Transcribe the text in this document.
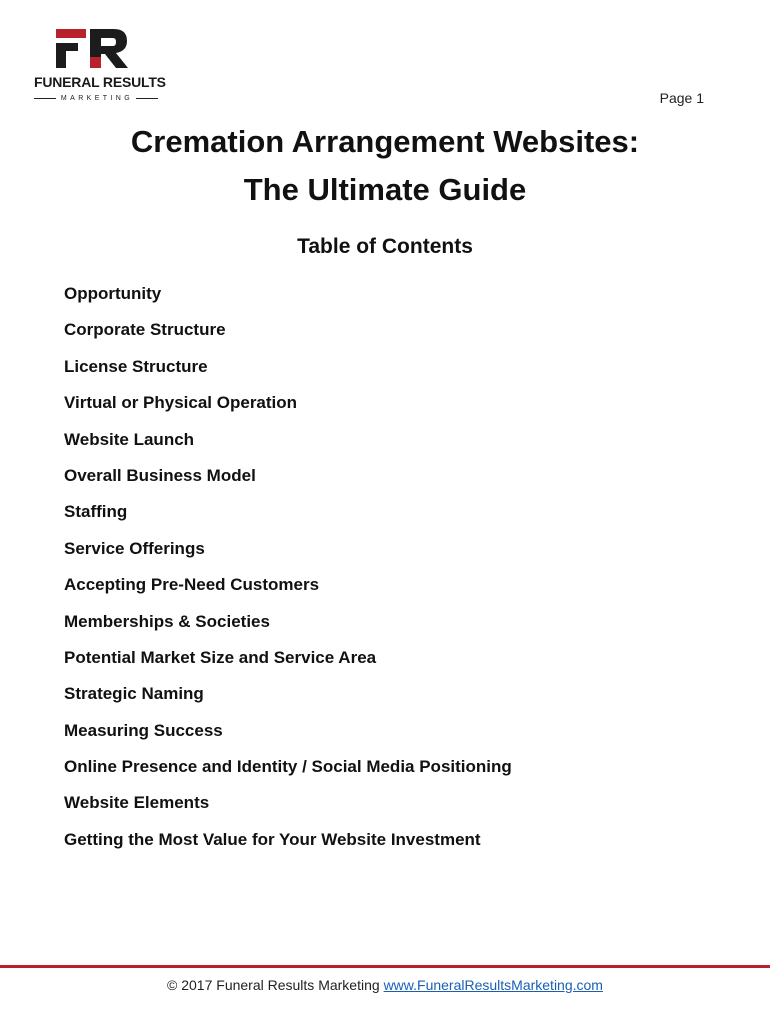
FUNERAL RESULTS
MARKETING	Page 1
Cremation Arrangement Websites:
The Ultimate Guide
Table of Contents
Opportunity
Corporate Structure
License Structure
Virtual or Physical Operation
Website Launch
Overall Business Model
Staffing
Service Offerings
Accepting Pre-Need Customers
Memberships & Societies
Potential Market Size and Service Area
Strategic Naming
Measuring Success
Online Presence and Identity / Social Media Positioning
Website Elements
Getting the Most Value for Your Website Investment
© 2017 Funeral Results Marketing www.FuneralResultsMarketing.com
